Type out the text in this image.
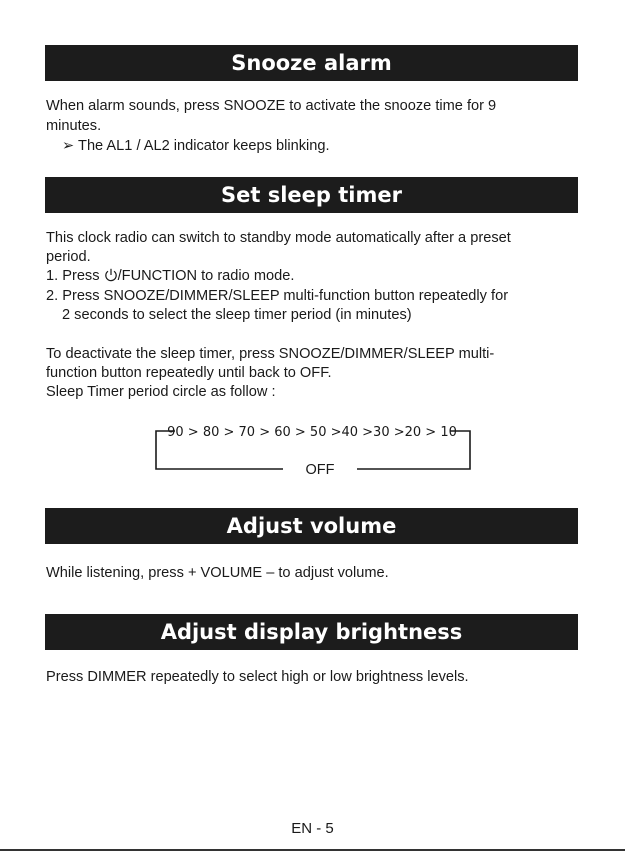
Snooze alarm
When alarm sounds, press SNOOZE to activate the snooze time for 9
minutes.
➢ The AL1 / AL2 indicator keeps blinking.
Set sleep timer
This clock radio can switch to standby mode automatically after a preset
period.
1. Press /FUNCTION to radio mode.
2. Press SNOOZE/DIMMER/SLEEP multi-function button repeatedly for
2 seconds to select the sleep timer period (in minutes)
To deactivate the sleep timer, press SNOOZE/DIMMER/SLEEP multi-
function button repeatedly until back to OFF.
Sleep Timer period circle as follow :
90 > 80 > 70 > 60 > 50 >40 >30 >20 > 10
OFF
Adjust volume
While listening, press + VOLUME – to adjust volume.
Adjust display brightness
Press DIMMER repeatedly to select high or low brightness levels.
EN - 5
